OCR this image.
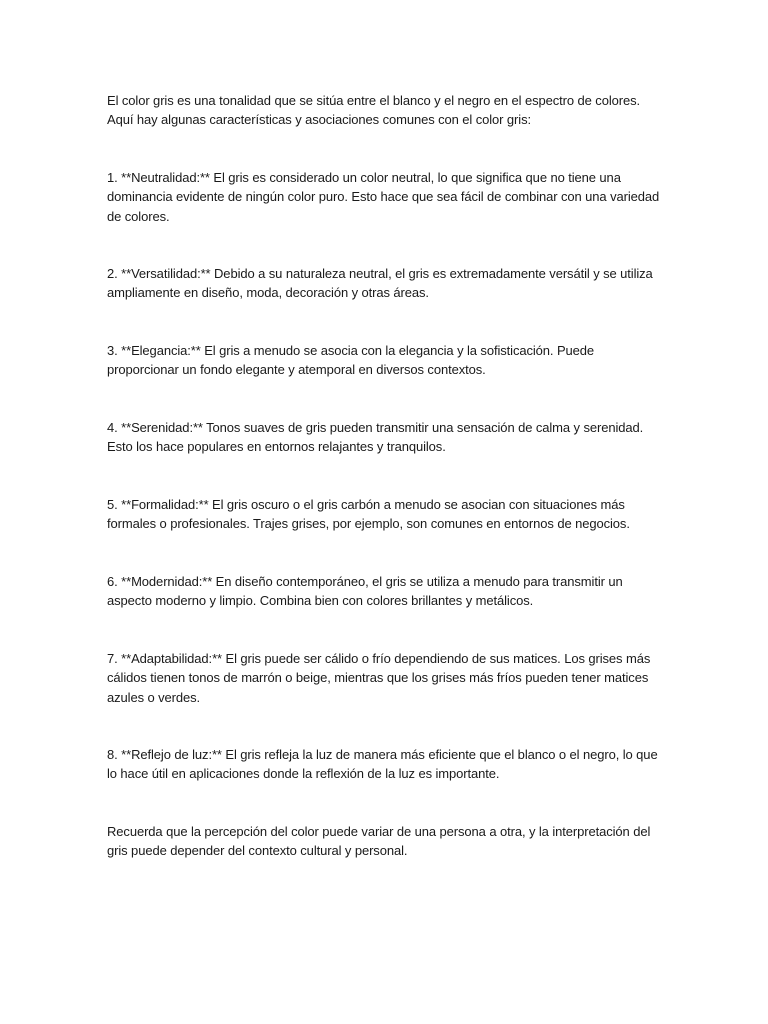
El color gris es una tonalidad que se sitúa entre el blanco y el negro en el espectro de colores. Aquí hay algunas características y asociaciones comunes con el color gris:

1. **Neutralidad:** El gris es considerado un color neutral, lo que significa que no tiene una dominancia evidente de ningún color puro. Esto hace que sea fácil de combinar con una variedad de colores.

2. **Versatilidad:** Debido a su naturaleza neutral, el gris es extremadamente versátil y se utiliza ampliamente en diseño, moda, decoración y otras áreas.

3. **Elegancia:** El gris a menudo se asocia con la elegancia y la sofisticación. Puede proporcionar un fondo elegante y atemporal en diversos contextos.

4. **Serenidad:** Tonos suaves de gris pueden transmitir una sensación de calma y serenidad. Esto los hace populares en entornos relajantes y tranquilos.

5. **Formalidad:** El gris oscuro o el gris carbón a menudo se asocian con situaciones más formales o profesionales. Trajes grises, por ejemplo, son comunes en entornos de negocios.

6. **Modernidad:** En diseño contemporáneo, el gris se utiliza a menudo para transmitir un aspecto moderno y limpio. Combina bien con colores brillantes y metálicos.

7. **Adaptabilidad:** El gris puede ser cálido o frío dependiendo de sus matices. Los grises más cálidos tienen tonos de marrón o beige, mientras que los grises más fríos pueden tener matices azules o verdes.

8. **Reflejo de luz:** El gris refleja la luz de manera más eficiente que el blanco o el negro, lo que lo hace útil en aplicaciones donde la reflexión de la luz es importante.

Recuerda que la percepción del color puede variar de una persona a otra, y la interpretación del gris puede depender del contexto cultural y personal.
